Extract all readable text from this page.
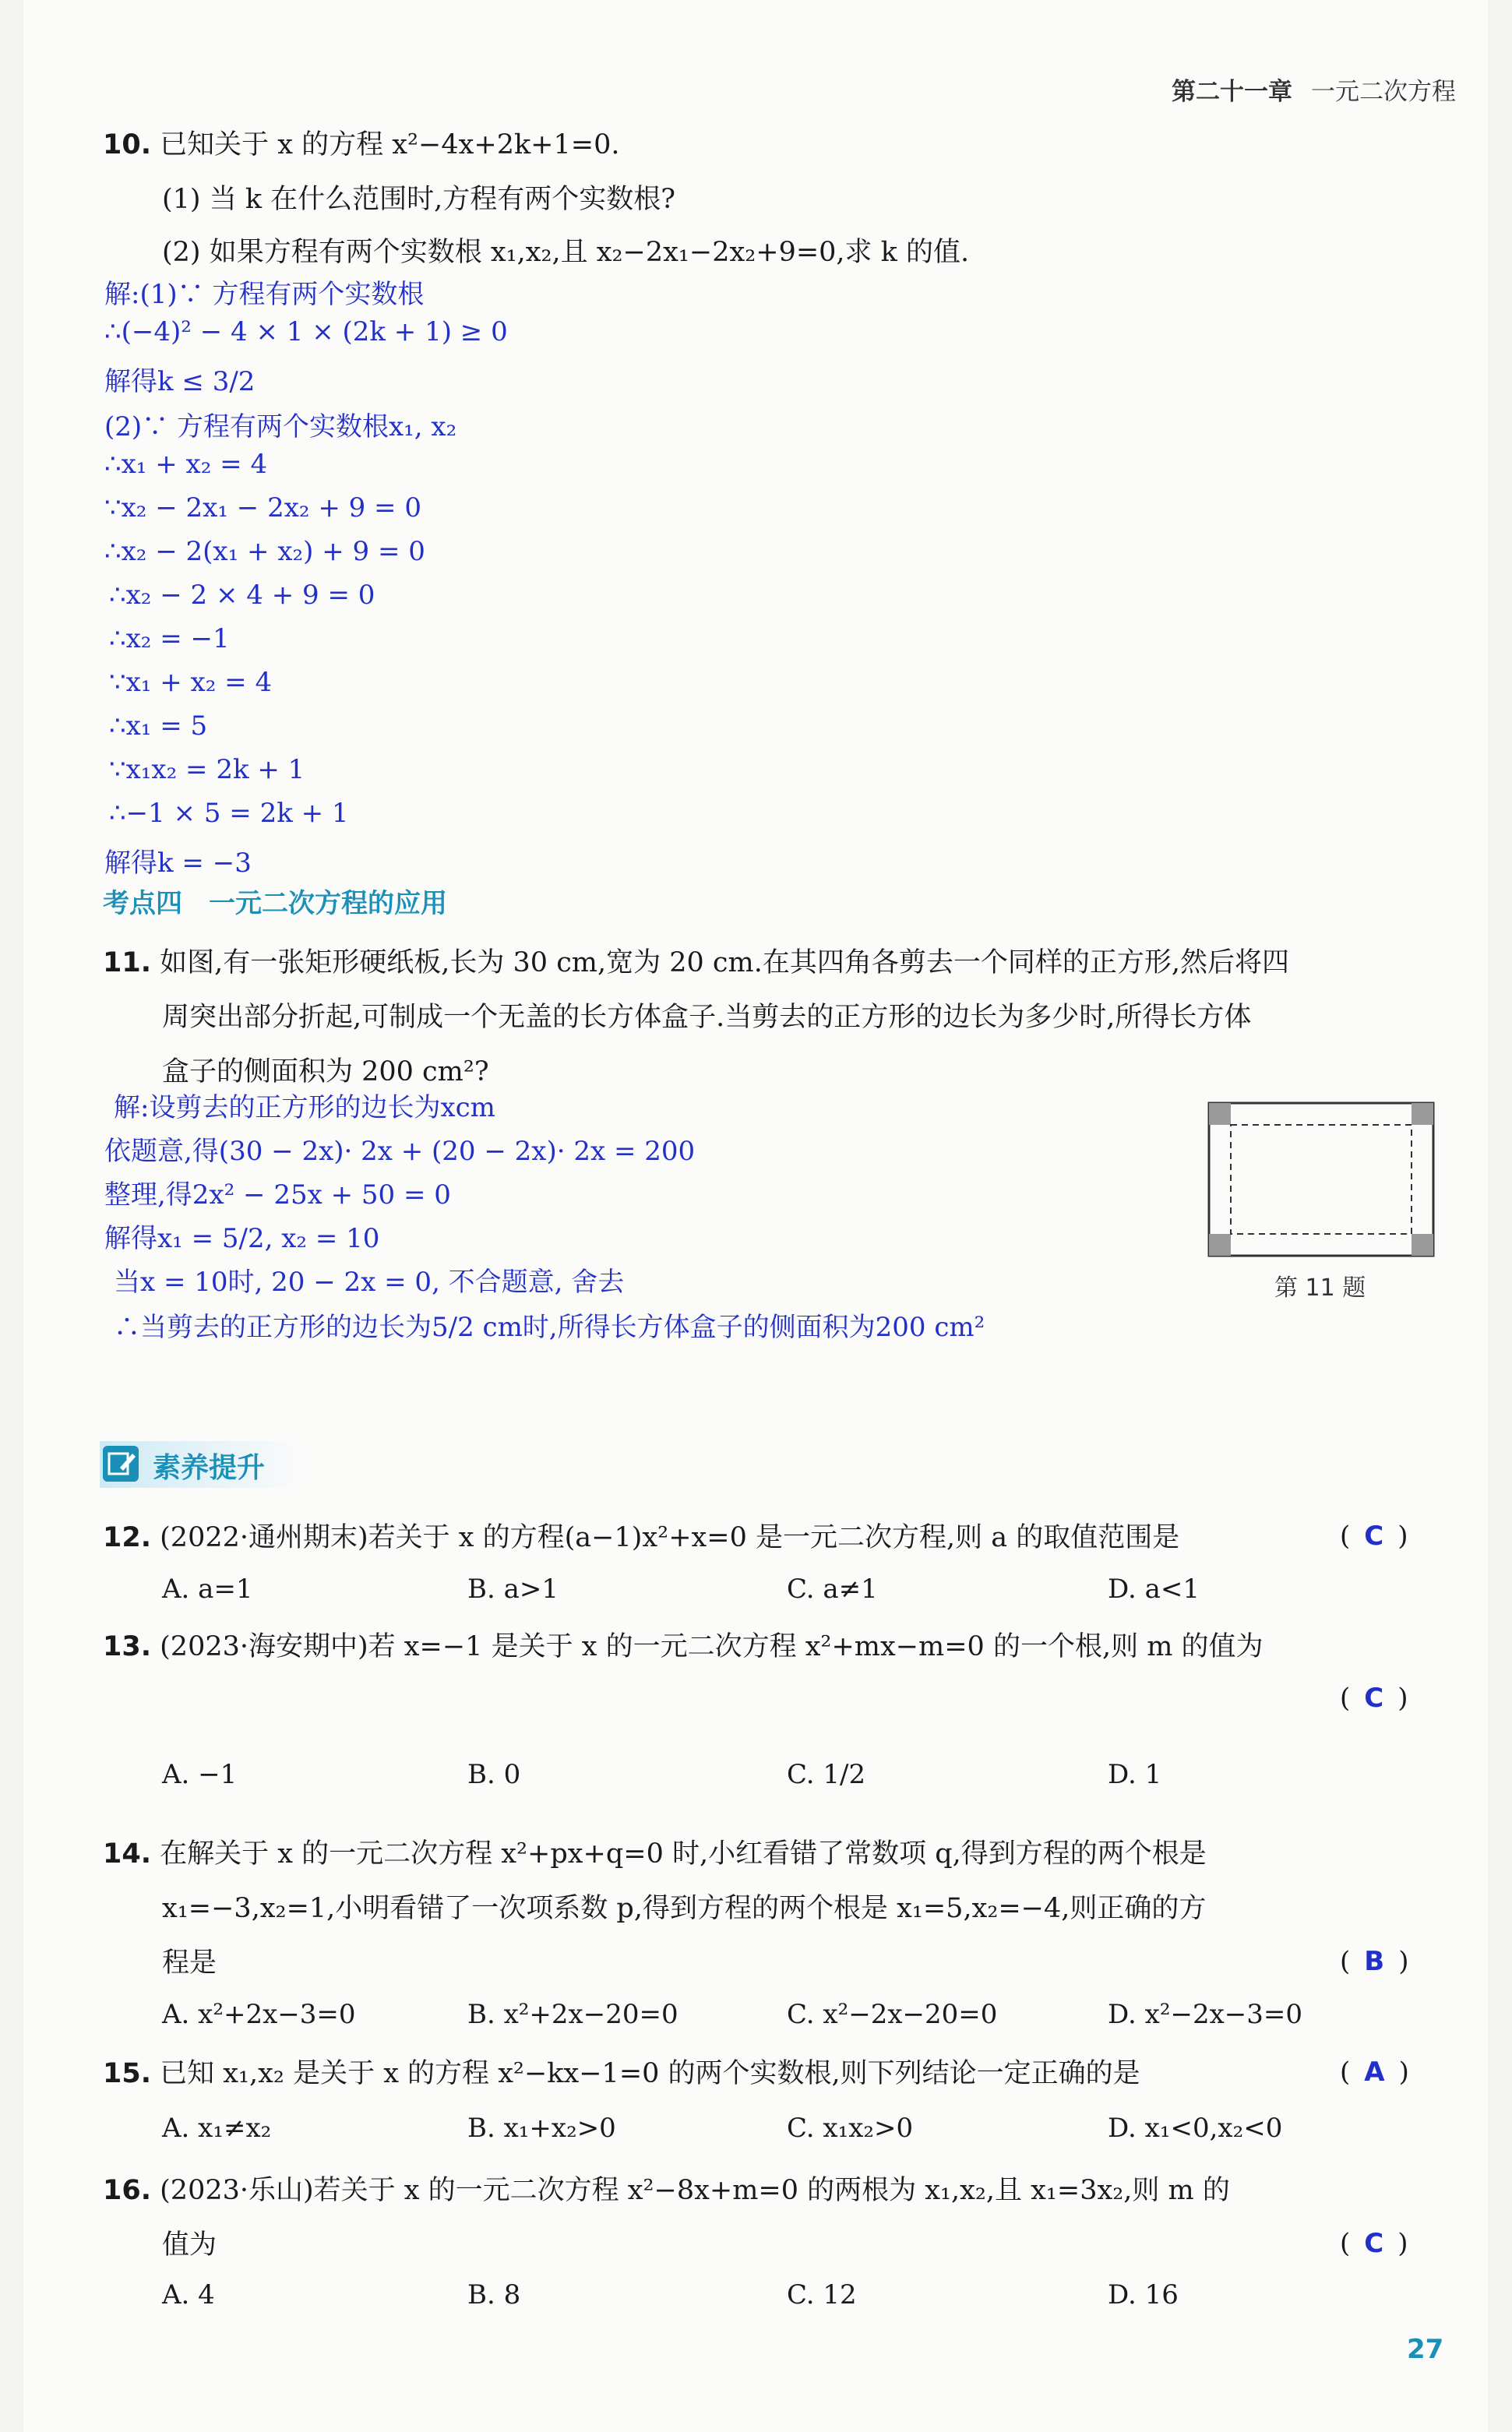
第二十一章 一元二次方程
10. 已知关于 x 的方程 x²−4x+2k+1=0.
(1) 当 k 在什么范围时,方程有两个实数根?
(2) 如果方程有两个实数根 x₁,x₂,且 x₂−2x₁−2x₂+9=0,求 k 的值.
解:(1)∵ 方程有两个实数根
∴(−4)² − 4 × 1 × (2k + 1) ≥ 0
解得k ≤ 3/2
(2)∵ 方程有两个实数根x₁, x₂
∴x₁ + x₂ = 4
∵x₂ − 2x₁ − 2x₂ + 9 = 0
∴x₂ − 2(x₁ + x₂) + 9 = 0
∴x₂ − 2 × 4 + 9 = 0
∴x₂ = −1
∵x₁ + x₂ = 4
∴x₁ = 5
∵x₁x₂ = 2k + 1
∴−1 × 5 = 2k + 1
解得k = −3
考点四　一元二次方程的应用
11. 如图,有一张矩形硬纸板,长为 30 cm,宽为 20 cm.在其四角各剪去一个同样的正方形,然后将四
周突出部分折起,可制成一个无盖的长方体盒子.当剪去的正方形的边长为多少时,所得长方体
盒子的侧面积为 200 cm²?
解:设剪去的正方形的边长为xcm
依题意,得(30 − 2x)· 2x + (20 − 2x)· 2x = 200
整理,得2x² − 25x + 50 = 0
解得x₁ = 5/2, x₂ = 10
当x = 10时, 20 − 2x = 0, 不合题意, 舍去
∴当剪去的正方形的边长为5/2 cm时,所得长方体盒子的侧面积为200 cm²
第 11 题
素养提升
12. (2022·通州期末)若关于 x 的方程(a−1)x²+x=0 是一元二次方程,则 a 的取值范围是	( C )
A. a=1	B. a>1	C. a≠1	D. a<1
13. (2023·海安期中)若 x=−1 是关于 x 的一元二次方程 x²+mx−m=0 的一个根,则 m 的值为
( C )
A. −1	B. 0	C. 1/2	D. 1
14. 在解关于 x 的一元二次方程 x²+px+q=0 时,小红看错了常数项 q,得到方程的两个根是
x₁=−3,x₂=1,小明看错了一次项系数 p,得到方程的两个根是 x₁=5,x₂=−4,则正确的方
程是	( B )
A. x²+2x−3=0	B. x²+2x−20=0	C. x²−2x−20=0	D. x²−2x−3=0
15. 已知 x₁,x₂ 是关于 x 的方程 x²−kx−1=0 的两个实数根,则下列结论一定正确的是	( A )
A. x₁≠x₂	B. x₁+x₂>0	C. x₁x₂>0	D. x₁<0,x₂<0
16. (2023·乐山)若关于 x 的一元二次方程 x²−8x+m=0 的两根为 x₁,x₂,且 x₁=3x₂,则 m 的
值为	( C )
A. 4	B. 8	C. 12	D. 16
27
